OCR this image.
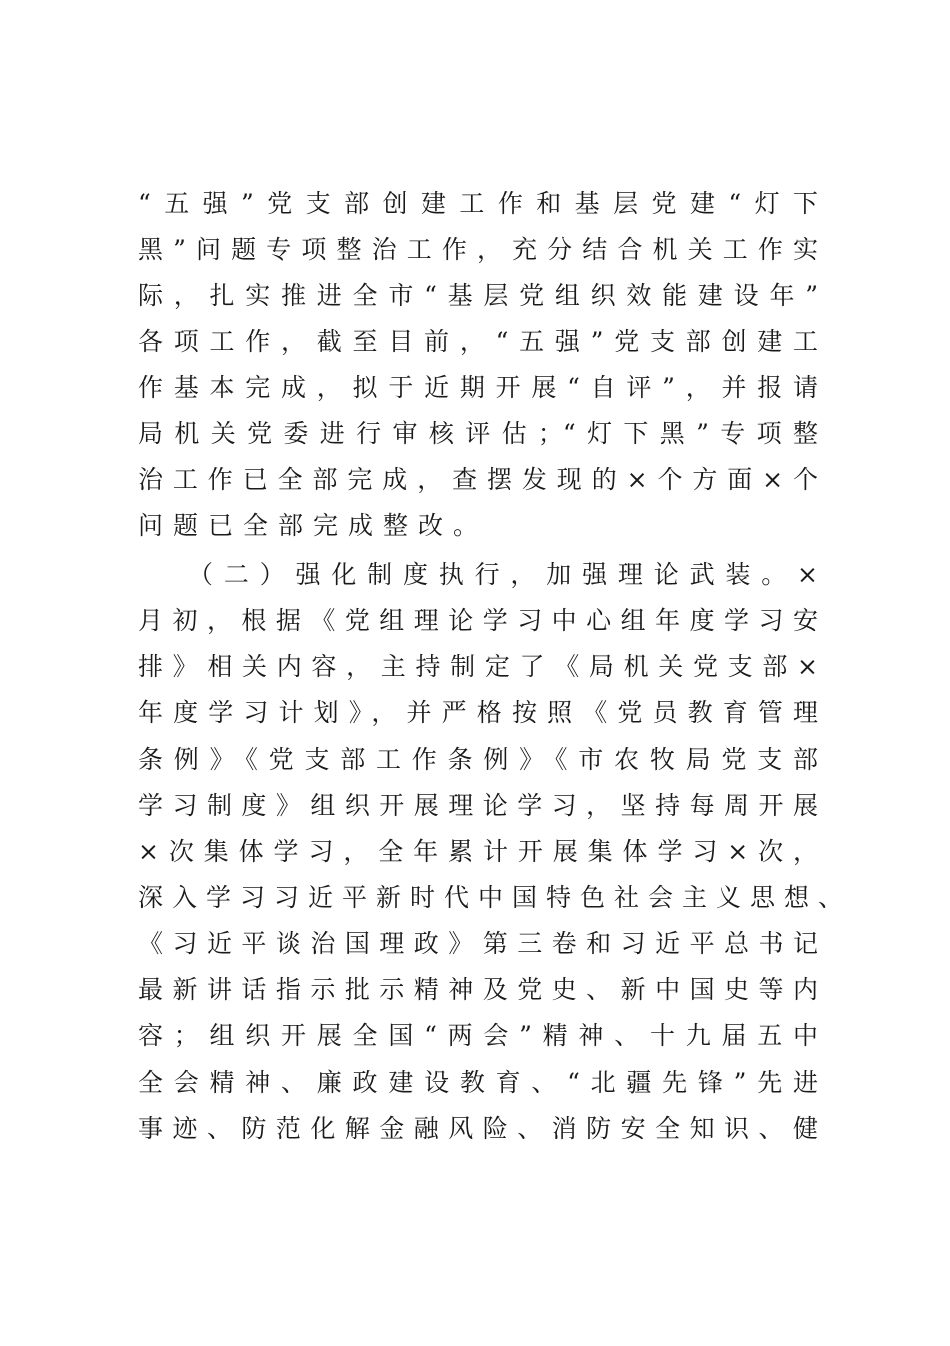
“五强”党支部创建工作和基层党建“灯下
黑”问题专项整治工作，充分结合机关工作实
际，扎实推进全市“基层党组织效能建设年”
各项工作，截至目前，“五强”党支部创建工
作基本完成，拟于近期开展“自评”，并报请
局机关党委进行审核评估；“灯下黑”专项整
治工作已全部完成，查摆发现的×个方面×个
问题已全部完成整改。
（二）强化制度执行，加强理论武装。×
月初，根据《党组理论学习中心组年度学习安
排》相关内容，主持制定了《局机关党支部×
年度学习计划》，并严格按照《党员教育管理
条例》《党支部工作条例》《市农牧局党支部
学习制度》组织开展理论学习，坚持每周开展
×次集体学习，全年累计开展集体学习×次，
深入学习习近平新时代中国特色社会主义思想、
《习近平谈治国理政》第三卷和习近平总书记
最新讲话指示批示精神及党史、新中国史等内
容；组织开展全国“两会”精神、十九届五中
全会精神、廉政建设教育、“北疆先锋”先进
事迹、防范化解金融风险、消防安全知识、健
